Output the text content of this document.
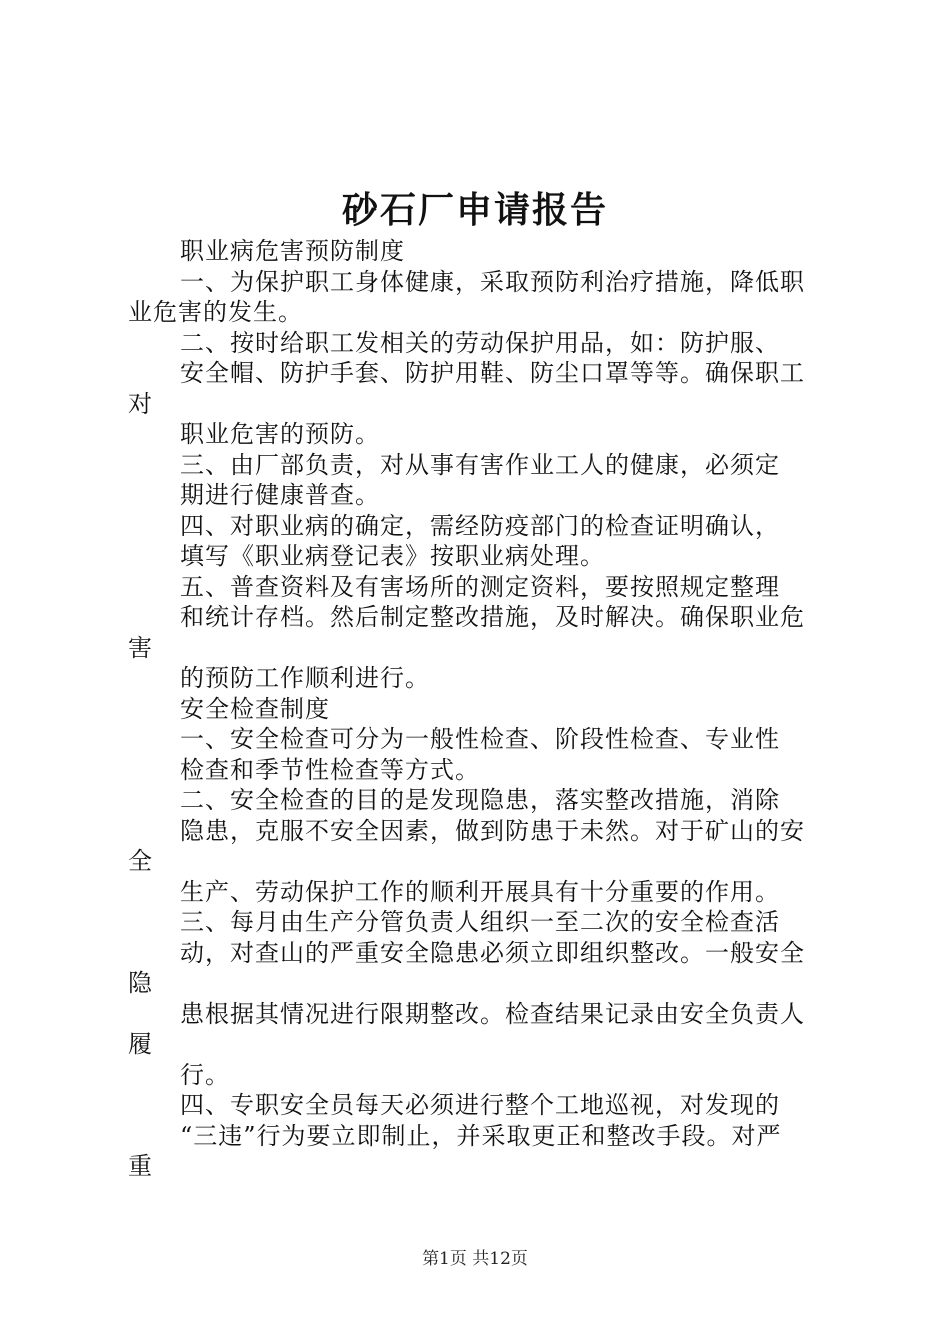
砂石厂申请报告
职业病危害预防制度
一、为保护职工身体健康，采取预防利治疗措施，降低职
业危害的发生。
二、按时给职工发相关的劳动保护用品，如：防护服、
安全帽、防护手套、防护用鞋、防尘口罩等等。确保职工
对
职业危害的预防。
三、由厂部负责，对从事有害作业工人的健康，必须定
期进行健康普查。
四、对职业病的确定，需经防疫部门的检查证明确认，
填写《职业病登记表》按职业病处理。
五、普查资料及有害场所的测定资料，要按照规定整理
和统计存档。然后制定整改措施，及时解决。确保职业危
害
的预防工作顺利进行。
安全检查制度
一、安全检查可分为一般性检查、阶段性检查、专业性
检查和季节性检查等方式。
二、安全检查的目的是发现隐患，落实整改措施，消除
隐患，克服不安全因素，做到防患于未然。对于矿山的安
全
生产、劳动保护工作的顺利开展具有十分重要的作用。
三、每月由生产分管负责人组织一至二次的安全检查活
动，对查山的严重安全隐患必须立即组织整改。一般安全
隐
患根据其情况进行限期整改。检查结果记录由安全负责人
履
行。
四、专职安全员每天必须进行整个工地巡视，对发现的
“三违”行为要立即制止，并采取更正和整改手段。对严
重
第1页 共12页
